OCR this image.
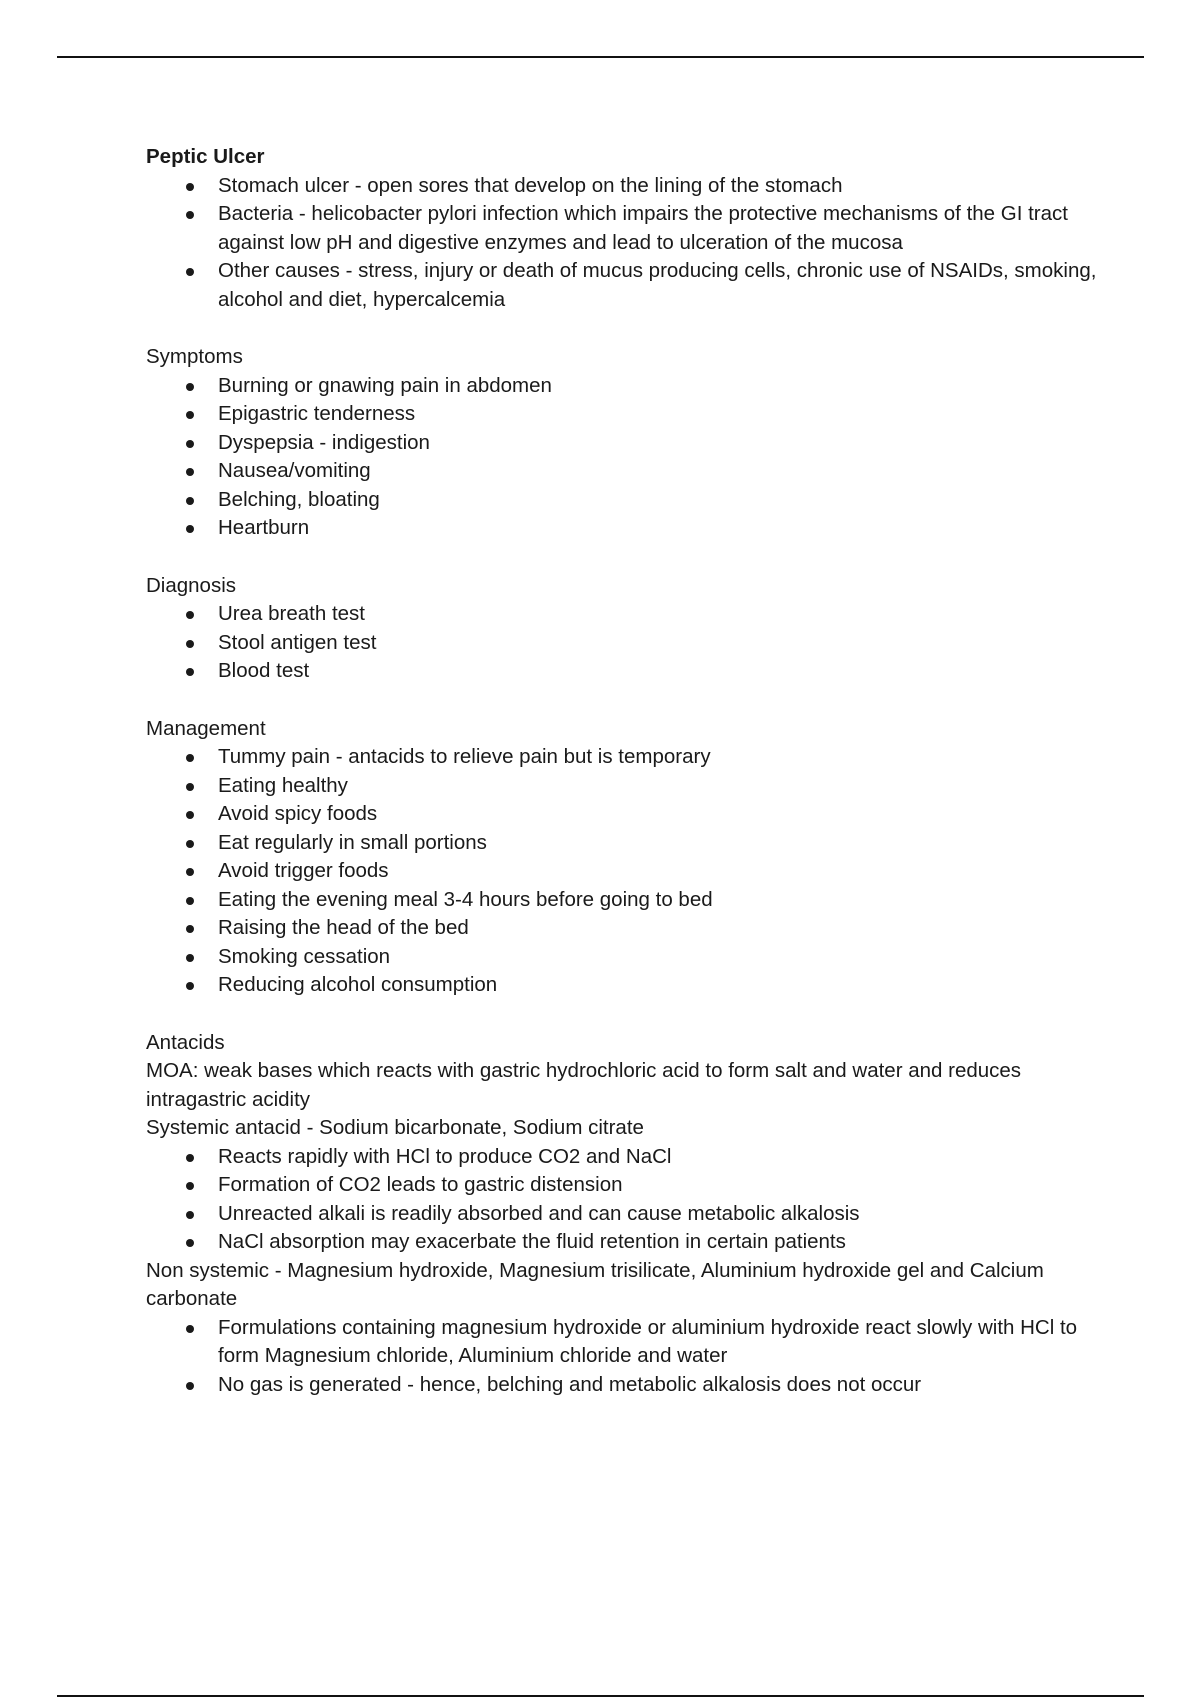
Peptic Ulcer

Stomach ulcer - open sores that develop on the lining of the stomach
Bacteria - helicobacter pylori infection which impairs the protective mechanisms of the GI tract against low pH and digestive enzymes and lead to ulceration of the mucosa
Other causes - stress, injury or death of mucus producing cells, chronic use of NSAIDs, smoking, alcohol and diet, hypercalcemia

Symptoms

Burning or gnawing pain in abdomen
Epigastric tenderness
Dyspepsia - indigestion
Nausea/vomiting
Belching, bloating
Heartburn

Diagnosis

Urea breath test
Stool antigen test
Blood test

Management

Tummy pain - antacids to relieve pain but is temporary
Eating healthy
Avoid spicy foods
Eat regularly in small portions
Avoid trigger foods
Eating the evening meal 3-4 hours before going to bed
Raising the head of the bed
Smoking cessation
Reducing alcohol consumption

Antacids

MOA: weak bases which reacts with gastric hydrochloric acid to form salt and water and reduces intragastric acidity

Systemic antacid - Sodium bicarbonate, Sodium citrate

Reacts rapidly with HCl to produce CO2 and NaCl
Formation of CO2 leads to gastric distension
Unreacted alkali is readily absorbed and can cause metabolic alkalosis
NaCl absorption may exacerbate the fluid retention in certain patients

Non systemic - Magnesium hydroxide, Magnesium trisilicate, Aluminium hydroxide gel and Calcium carbonate

Formulations containing magnesium hydroxide or aluminium hydroxide react slowly with HCl to form Magnesium chloride, Aluminium chloride and water
No gas is generated - hence, belching and metabolic alkalosis does not occur
